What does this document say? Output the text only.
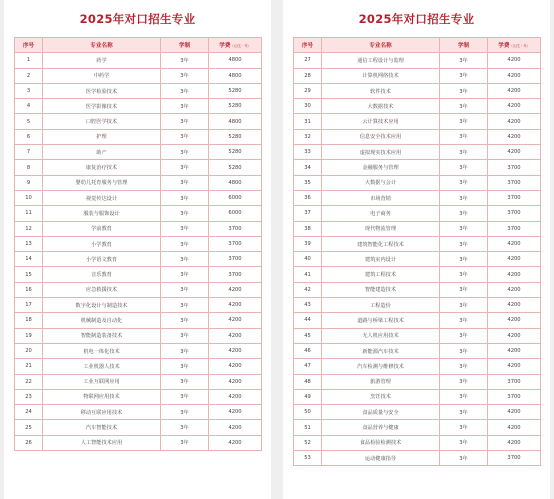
2025年对口招生专业
序号	专业名称	学制	学费（元/生・年）
1	药学	3年	4800
2	中药学	3年	4800
3	医学检验技术	3年	5280
4	医学影像技术	3年	5280
5	口腔医学技术	3年	4800
6	护理	3年	5280
7	助产	3年	5280
8	康复治疗技术	3年	5280
9	婴幼儿托育服务与管理	3年	4800
10	视觉传达设计	3年	6000
11	服装与服饰设计	3年	6000
12	学前教育	3年	3700
13	小学教育	3年	3700
14	小学语文教育	3年	3700
15	音乐教育	3年	3700
16	应急救援技术	3年	4200
17	数字化设计与制造技术	3年	4200
18	机械制造及自动化	3年	4200
19	智能制造装备技术	3年	4200
20	机电一体化技术	3年	4200
21	工业机器人技术	3年	4200
22	工业互联网应用	3年	4200
23	物联网应用技术	3年	4200
24	移动互联应用技术	3年	4200
25	汽车智能技术	3年	4200
26	人工智能技术应用	3年	4200
2025年对口招生专业
序号	专业名称	学制	学费（元/生・年）
27	通信工程设计与监理	3年	4200
28	计算机网络技术	3年	4200
29	软件技术	3年	4200
30	大数据技术	3年	4200
31	云计算技术应用	3年	4200
32	信息安全技术应用	3年	4200
33	虚拟现实技术应用	3年	4200
34	金融服务与管理	3年	3700
35	大数据与会计	3年	3700
36	市场营销	3年	3700
37	电子商务	3年	3700
38	现代物流管理	3年	3700
39	建筑智能化工程技术	3年	4200
40	建筑室内设计	3年	4200
41	建筑工程技术	3年	4200
42	智能建造技术	3年	4200
43	工程造价	3年	4200
44	道路与桥梁工程技术	3年	4200
45	无人机应用技术	3年	4200
46	新能源汽车技术	3年	4200
47	汽车检测与维修技术	3年	4200
48	旅游管理	3年	3700
49	烹饪技术	3年	3700
50	食品质量与安全	3年	4200
51	食品营养与健康	3年	4200
52	食品检验检测技术	3年	4200
53	运动健康指导	3年	3700
